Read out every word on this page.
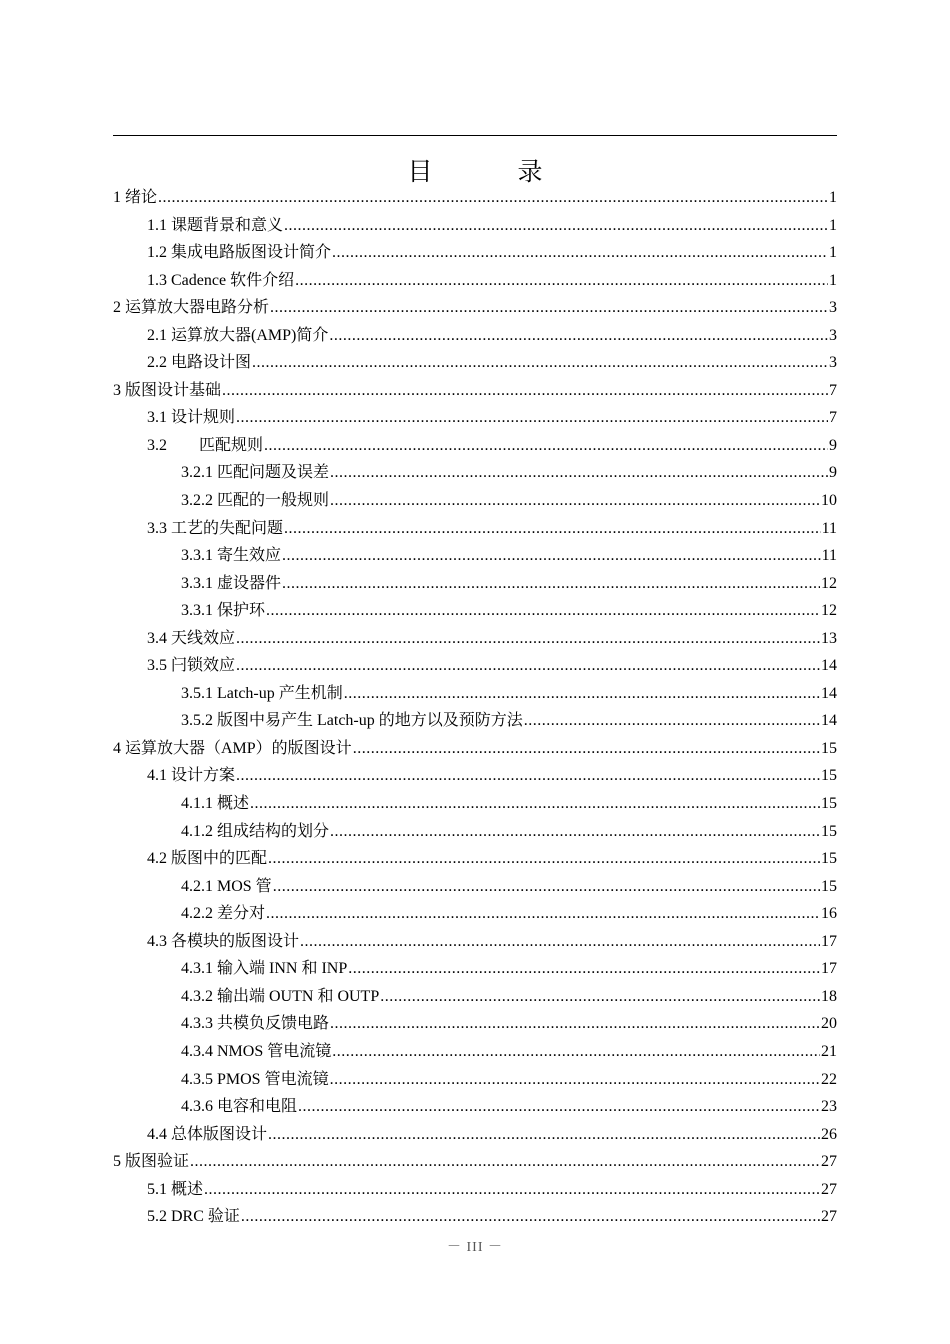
目　录
1 绪论 .....	1
1.1 课题背景和意义 .....	1
1.2 集成电路版图设计简介 .....	1
1.3 Cadence 软件介绍 .....	1
2 运算放大器电路分析 .....	3
2.1 运算放大器(AMP)简介 .....	3
2.2 电路设计图 .....	3
3 版图设计基础 .....	7
3.1 设计规则 .....	7
3.2　　匹配规则 .....	9
3.2.1 匹配问题及误差 .....	9
3.2.2 匹配的一般规则 .....	10
3.3 工艺的失配问题 .....	11
3.3.1 寄生效应 .....	11
3.3.1 虚设器件 .....	12
3.3.1 保护环 .....	12
3.4 天线效应 .....	13
3.5 闩锁效应 .....	14
3.5.1 Latch-up 产生机制 .....	14
3.5.2 版图中易产生 Latch-up 的地方以及预防方法 .....	14
4 运算放大器（AMP）的版图设计 .....	15
4.1 设计方案 .....	15
4.1.1 概述 .....	15
4.1.2 组成结构的划分 .....	15
4.2 版图中的匹配 .....	15
4.2.1 MOS 管 .....	15
4.2.2 差分对 .....	16
4.3 各模块的版图设计 .....	17
4.3.1 输入端 INN 和 INP .....	17
4.3.2 输出端 OUTN 和 OUTP .....	18
4.3.3 共模负反馈电路 .....	20
4.3.4 NMOS 管电流镜 .....	21
4.3.5 PMOS 管电流镜 .....	22
4.3.6 电容和电阻 .....	23
4.4 总体版图设计 .....	26
5 版图验证 .....	27
5.1 概述 .....	27
5.2 DRC 验证 .....	27
－ III －
